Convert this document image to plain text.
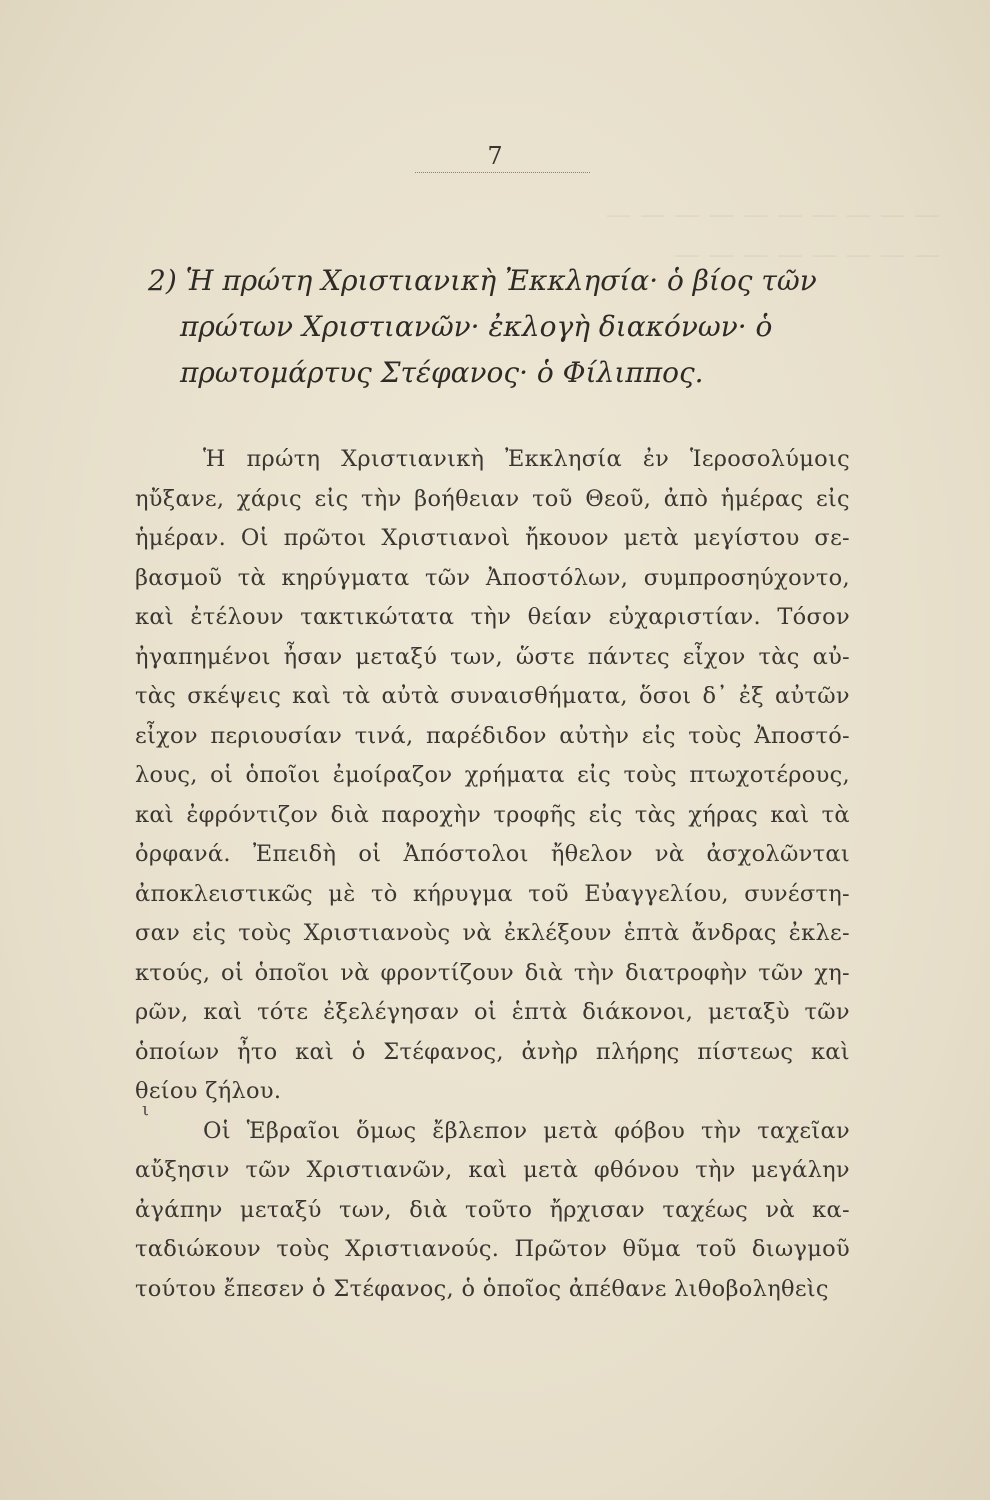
— — — — — — — — — —
— — — — — — — —
7
2) Ἡ πρώτη Χριστιανικὴ Ἐκκλησία· ὁ βίος τῶν
πρώτων Χριστιανῶν· ἐκλογὴ διακόνων· ὁ
πρωτομάρτυς Στέφανος· ὁ Φίλιππος.
ι
Ἡ πρώτη Χριστιανικὴ Ἐκκλησία ἐν Ἱεροσολύμοις
ηὔξανε, χάρις εἰς τὴν βοήθειαν τοῦ Θεοῦ, ἀπὸ ἡμέρας εἰς
ἡμέραν. Οἱ πρῶτοι Χριστιανοὶ ἤκουον μετὰ μεγίστου σε-
βασμοῦ τὰ κηρύγματα τῶν Ἀποστόλων, συμπροσηύχοντο,
καὶ ἐτέλουν τακτικώτατα τὴν θείαν εὐχαριστίαν. Τόσον
ἠγαπημένοι ἦσαν μεταξύ των, ὥστε πάντες εἶχον τὰς αὐ-
τὰς σκέψεις καὶ τὰ αὐτὰ συναισθήματα, ὅσοι δ᾽ ἐξ αὐτῶν
εἶχον περιουσίαν τινά, παρέδιδον αὐτὴν εἰς τοὺς Ἀποστό-
λους, οἱ ὁποῖοι ἐμοίραζον χρήματα εἰς τοὺς πτωχοτέρους,
καὶ ἐφρόντιζον διὰ παροχὴν τροφῆς εἰς τὰς χήρας καὶ τὰ
ὀρφανά. Ἐπειδὴ οἱ Ἀπόστολοι ἤθελον νὰ ἀσχολῶνται
ἀποκλειστικῶς μὲ τὸ κήρυγμα τοῦ Εὐαγγελίου, συνέστη-
σαν εἰς τοὺς Χριστιανοὺς νὰ ἐκλέξουν ἑπτὰ ἄνδρας ἐκλε-
κτούς, οἱ ὁποῖοι νὰ φροντίζουν διὰ τὴν διατροφὴν τῶν χη-
ρῶν, καὶ τότε ἐξελέγησαν οἱ ἑπτὰ διάκονοι, μεταξὺ τῶν
ὁποίων ἦτο καὶ ὁ Στέφανος, ἀνὴρ πλήρης πίστεως καὶ
θείου ζήλου.
Οἱ Ἑβραῖοι ὅμως ἔβλεπον μετὰ φόβου τὴν ταχεῖαν
αὔξησιν τῶν Χριστιανῶν, καὶ μετὰ φθόνου τὴν μεγάλην
ἀγάπην μεταξύ των, διὰ τοῦτο ἤρχισαν ταχέως νὰ κα-
ταδιώκουν τοὺς Χριστιανούς. Πρῶτον θῦμα τοῦ διωγμοῦ
τούτου ἔπεσεν ὁ Στέφανος, ὁ ὁποῖος ἀπέθανε λιθοβοληθεὶς
